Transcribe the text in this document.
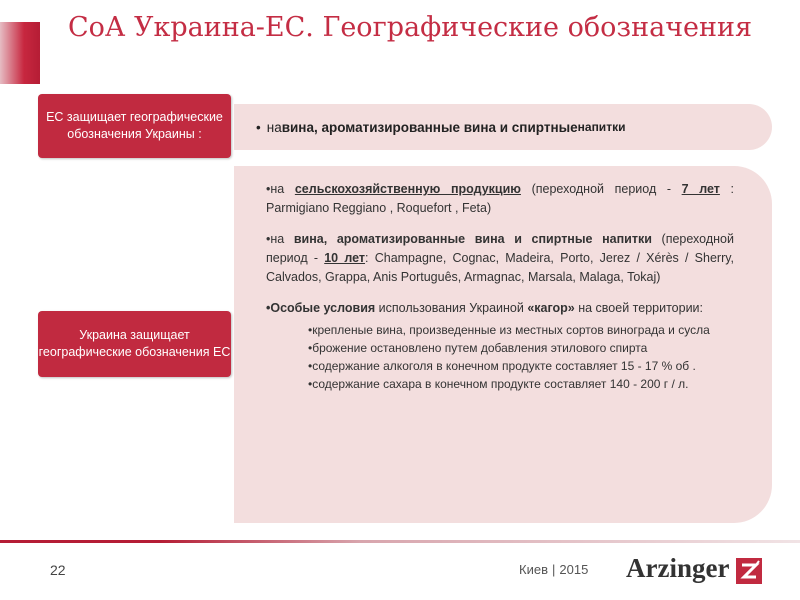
СоА Украина-ЕС. Географические обозначения
ЕС защищает географические обозначения Украины :	• на вина, ароматизированные вина и спиртные напитки
Украина защищает географические обозначения ЕС

•на сельскохозяйственную продукцию (переходной период - 7 лет : Parmigiano Reggiano , Roquefort , Feta)

•на вина, ароматизированные вина и спиртные напитки (переходной период - 10 лет: Champagne, Cognac, Madeira, Porto, Jerez / Xérès / Sherry, Calvados, Grappa, Anis Português, Armagnac, Marsala, Malaga, Tokaj)

•Особые условия использования Украиной «кагор» на своей территории:

•крепленые вина, произведенные из местных сортов винограда и сусла

•брожение остановлено путем добавления этилового спирта

•содержание алкоголя в конечном продукте составляет 15 - 17 % об .

•содержание сахара в конечном продукте составляет 140 - 200 г / л.

22	Киев | 2015 Arzinger
